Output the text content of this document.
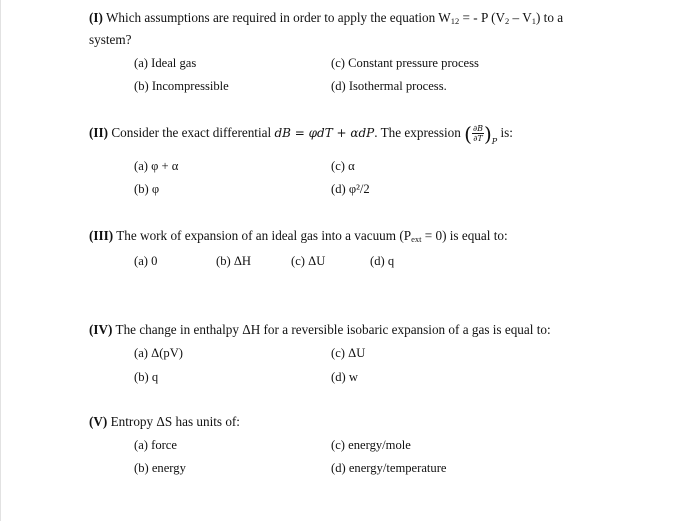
(I) Which assumptions are required in order to apply the equation $W_{12}$ = - P $(V_2 - V_1)$ to a
system?
(a) Ideal gas	(c) Constant pressure process
(b) Incompressible	(d) Isothermal process.
(II) Consider the exact differential dB = φdT + αdP. The expression ( $\frac{\partial B}{\partial T} )_P$ is:
(a) φ + α	(c) α
(b) φ	(d) φ²/2
(III) The work of expansion of an ideal gas into a vacuum $(P_{ext} = 0)$ is equal to:
(a) 0	(b) ΔH	(c) ΔU	(d) q
(IV) The change in enthalpy ΔH for a reversible isobaric expansion of a gas is equal to:
(a) Δ(pV)	(c) ΔU
(b) q	(d) w
(V) Entropy ΔS has units of:
(a) force	(c) energy/mole
(b) energy	(d) energy/temperature
